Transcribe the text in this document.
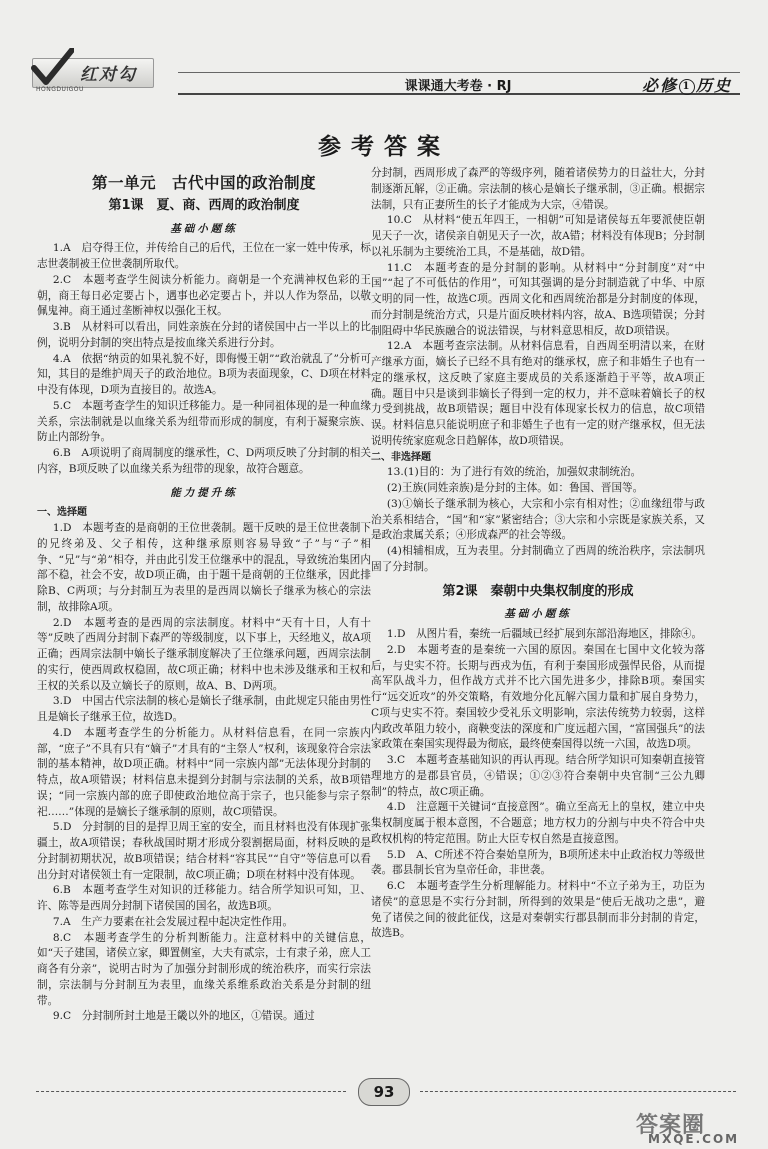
红对勾
HONGDUIGOU	课课通大考卷 · RJ	必修 1 历史
参考答案
第一单元　古代中国的政治制度
第1课　夏、商、西周的政治制度
基础小题练

1.A　启夺得王位，并传给自己的后代，王位在一家一姓中传承，标志世袭制被王位世袭制所取代。

2.C　本题考查学生阅读分析能力。商朝是一个充满神权色彩的王朝，商王每日必定要占卜，遇事也必定要占卜，并以人作为祭品，以敬佩鬼神。商王通过垄断神权以强化王权。

3.B　从材料可以看出，同姓亲族在分封的诸侯国中占一半以上的比例，说明分封制的突出特点是按血缘关系进行分封。

4.A　依据“纳贡的如果礼貌不好，即侮慢王朝”“政治就乱了”分析可知，其目的是维护周天子的政治地位。B项为表面现象，C、D项在材料中没有体现，D项为直接目的。故选A。

5.C　本题考查学生的知识迁移能力。是一种同祖体现的是一种血缘关系，宗法制就是以血缘关系为纽带而形成的制度，有利于凝聚宗族、防止内部纷争。

6.B　A项说明了商周制度的继承性，C、D两项反映了分封制的相关内容，B项反映了以血缘关系为纽带的现象，故符合题意。

能力提升练

一、选择题

1.D　本题考查的是商朝的王位世袭制。题干反映的是王位世袭制下的兄终弟及、父子相传，这种继承原则容易导致“子”与“子”相争、“兄”与“弟”相夺，并由此引发王位继承中的混乱，导致统治集团内部不稳，社会不安，故D项正确，由于题干是商朝的王位继承，因此排除B、C两项；与分封制互为表里的是西周以嫡长子继承为核心的宗法制，故排除A项。

2.D　本题考查的是西周的宗法制度。材料中“天有十日，人有十等”反映了西周分封制下森严的等级制度，以下事上，天经地义，故A项正确；西周宗法制中嫡长子继承制度解决了王位继承问题，西周宗法制的实行，使西周政权稳固，故C项正确；材料中也未涉及继承和王权和王权的关系以及立嫡长子的原则，故A、B、D两项。

3.D　中国古代宗法制的核心是嫡长子继承制，由此规定只能由男性且是嫡长子继承王位，故选D。

4.D　本题考查学生的分析能力。从材料信息看，在同一宗族内部，“庶子”不具有只有“嫡子”才具有的“主祭人”权利，该现象符合宗法制的基本精神，故D项正确。材料中“同一宗族内部”无法体现分封制的特点，故A项错误；材料信息未提到分封制与宗法制的关系，故B项错误；“同一宗族内部的庶子即使政治地位高于宗子，也只能参与宗子祭祀……”体现的是嫡长子继承制的原则，故C项错误。

5.D　分封制的目的是捍卫周王室的安全，而且材料也没有体现扩张疆土，故A项错误；春秋战国时期才形成分裂割据局面，材料反映的是分封制初期状况，故B项错误；结合材料“容其民”“自守”等信息可以看出分封对诸侯领土有一定限制，故C项正确；D项在材料中没有体现。

6.B　本题考查学生对知识的迁移能力。结合所学知识可知，卫、许、陈等是西周分封制下诸侯国的国名，故选B项。

7.A　生产力要素在社会发展过程中起决定性作用。

8.C　本题考查学生的分析判断能力。注意材料中的关键信息，如“天子建国，诸侯立家，卿置侧室，大夫有贰宗，士有隶子弟，庶人工商各有分亲”，说明古时为了加强分封制形成的统治秩序，而实行宗法制，宗法制与分封制互为表里，血缘关系维系政治关系是分封制的纽带。

9.C　分封制所封土地是王畿以外的地区，①错误。通过

分封制，西周形成了森严的等级序列，随着诸侯势力的日益壮大，分封制逐渐瓦解，②正确。宗法制的核心是嫡长子继承制，③正确。根据宗法制，只有正妻所生的长子才能成为大宗，④错误。

10.C　从材料“使五年四王，一相朝”可知是诸侯每五年要派使臣朝见天子一次，诸侯亲自朝见天子一次，故A错；材料没有体现B；分封制以礼乐制为主要统治工具，不是基础，故D错。

11.C　本题考查的是分封制的影响。从材料中“分封制度”对“中国”“起了不可低估的作用”，可知其强调的是分封制造就了中华、中原文明的同一性，故选C项。西周文化和西周统治都是分封制度的体现，而分封制是统治方式，只是片面反映材料内容，故A、B选项错误；分封制阻碍中华民族融合的说法错误，与材料意思相反，故D项错误。

12.A　本题考查宗法制。从材料信息看，自西周至明清以来，在财产继承方面，嫡长子已经不具有绝对的继承权，庶子和非婚生子也有一定的继承权，这反映了家庭主要成员的关系逐渐趋于平等，故A项正确。题目中只是谈到非嫡长子得到一定的权力，并不意味着嫡长子的权力受到挑战，故B项错误；题目中没有体现家长权力的信息，故C项错误。材料信息只能说明庶子和非婚生子也有一定的财产继承权，但无法说明传统家庭观念日趋解体，故D项错误。

二、非选择题

13.(1)目的：为了进行有效的统治，加强奴隶制统治。

(2)王族(同姓亲族)是分封的主体。如：鲁国、晋国等。

(3)①嫡长子继承制为核心，大宗和小宗有相对性；②血缘纽带与政治关系相结合，“国”和“家”紧密结合；③大宗和小宗既是家族关系，又是政治隶属关系；④形成森严的社会等级。

(4)相辅相成，互为表里。分封制确立了西周的统治秩序，宗法制巩固了分封制。

第2课　秦朝中央集权制度的形成
基础小题练

1.D　从图片看，秦统一后疆域已经扩展到东部沿海地区，排除④。

2.D　本题考查的是秦统一六国的原因。秦国在七国中文化较为落后，与史实不符。长期与西戎为伍，有利于秦国形成强悍民俗，从而提高军队战斗力，但作战方式并不比六国先进多少，排除B项。秦国实行“远交近攻”的外交策略，有效地分化瓦解六国力量和扩展自身势力，C项与史实不符。秦国较少受礼乐文明影响，宗法传统势力较弱，这样内政改革阻力较小，商鞅变法的深度和广度远超六国，“富国强兵”的法家政策在秦国实现得最为彻底，最终使秦国得以统一六国，故选D项。

3.C　本题考查基础知识的再认再现。结合所学知识可知秦朝直接管理地方的是郡县官员，④错误；①②③符合秦朝中央官制“三公九卿制”的特点，故C项正确。

4.D　注意题干关键词“直接意图”。确立至高无上的皇权，建立中央集权制度属于根本意图，不合题意；地方权力的分割与中央不符合中央政权机构的特定范围。防止大臣专权自然是直接意图。

5.D　A、C所述不符合秦始皇所为，B项所述未中止政治权力等级世袭。郡县制长官为皇帝任命，非世袭。

6.C　本题考查学生分析理解能力。材料中“不立子弟为王，功臣为诸侯”的意思是不实行分封制，所得到的效果是“使后无战功之患”，避免了诸侯之间的彼此征伐，这是对秦朝实行郡县制而非分封制的肯定，故选B。

93
答案圈
MXQE.COM
